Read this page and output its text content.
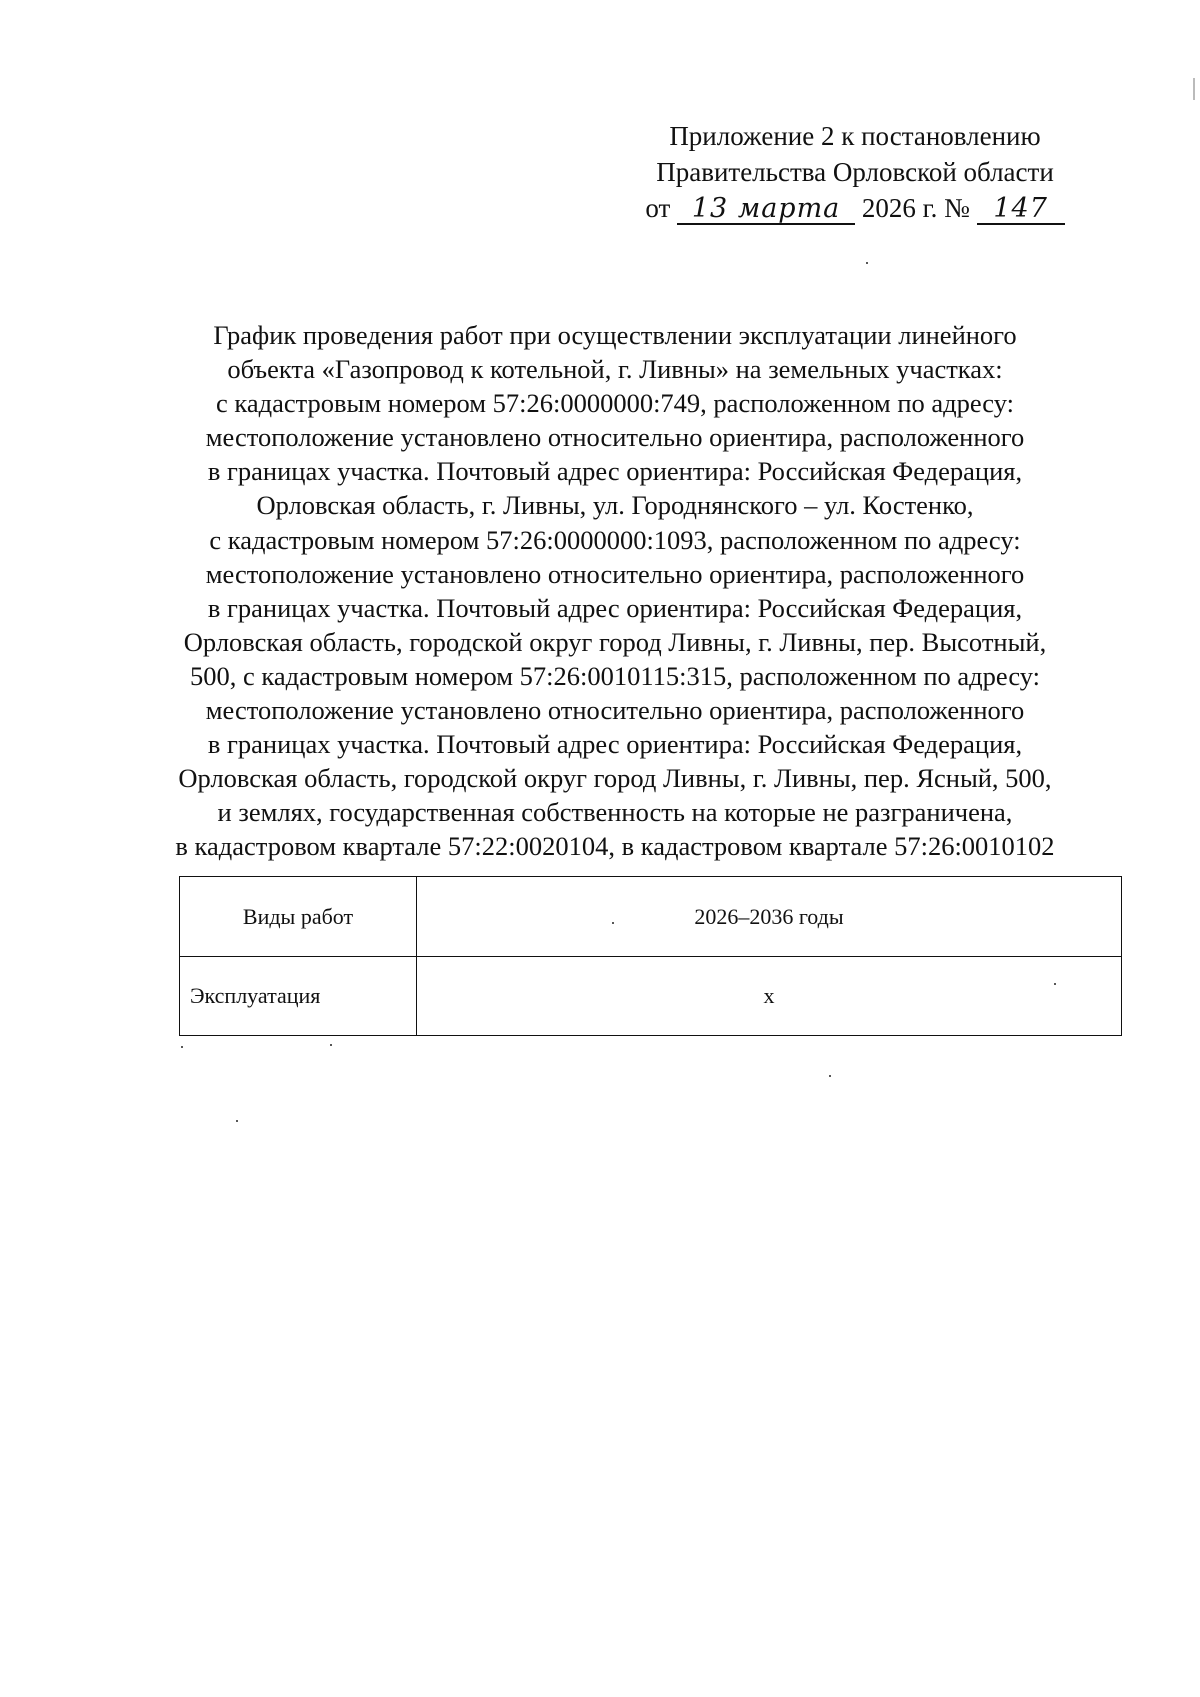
Приложение 2 к постановлению
Правительства Орловской области
от 13 марта 2026 г. № 147
График проведения работ при осуществлении эксплуатации линейного
объекта «Газопровод к котельной, г. Ливны» на земельных участках:
с кадастровым номером 57:26:0000000:749, расположенном по адресу:
местоположение установлено относительно ориентира, расположенного
в границах участка. Почтовый адрес ориентира: Российская Федерация,
Орловская область, г. Ливны, ул. Городнянского – ул. Костенко,
с кадастровым номером 57:26:0000000:1093, расположенном по адресу:
местоположение установлено относительно ориентира, расположенного
в границах участка. Почтовый адрес ориентира: Российская Федерация,
Орловская область, городской округ город Ливны, г. Ливны, пер. Высотный,
500, с кадастровым номером 57:26:0010115:315, расположенном по адресу:
местоположение установлено относительно ориентира, расположенного
в границах участка. Почтовый адрес ориентира: Российская Федерация,
Орловская область, городской округ город Ливны, г. Ливны, пер. Ясный, 500,
и землях, государственная собственность на которые не разграничена,
в кадастровом квартале 57:22:0020104, в кадастровом квартале 57:26:0010102
Виды работ	2026–2036 годы
Эксплуатация	х
